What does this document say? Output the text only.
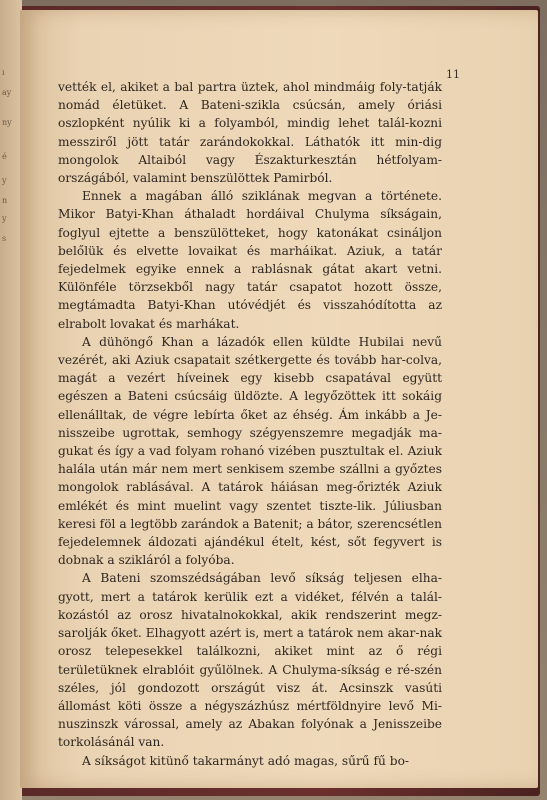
ı
ay
ny
é
y
n
y
s
11

vették el, akiket a bal partra üztek, ahol mindmáig foly-tatják nomád életüket. A Bateni-szikla csúcsán, amely óriási oszlopként nyúlik ki a folyamból, mindig lehet talál-kozni messziről jött tatár zarándokokkal. Láthatók itt min-dig mongolok Altaiból vagy Északturkesztán hétfolyam-országából, valamint benszülöttek Pamirból.

Ennek a magában álló sziklának megvan a története. Mikor Batyi-Khan áthaladt hordáival Chulyma síkságain, foglyul ejtette a benszülötteket, hogy katonákat csináljon belőlük és elvette lovaikat és marháikat. Aziuk, a tatár fejedelmek egyike ennek a rablásnak gátat akart vetni. Különféle törzsekből nagy tatár csapatot hozott össze, megtámadta Batyi-Khan utóvédjét és visszahódította az elrabolt lovakat és marhákat.

A dühöngő Khan a lázadók ellen küldte Hubilai nevű vezérét, aki Aziuk csapatait szétkergette és tovább har-colva, magát a vezért híveinek egy kisebb csapatával együtt egészen a Bateni csúcsáig üldözte. A legyőzöttek itt sokáig ellenálltak, de végre lebírta őket az éhség. Ám inkább a Je-nisszeibe ugrottak, semhogy szégyenszemre megadják ma-gukat és így a vad folyam rohanó vizében pusztultak el. Aziuk halála után már nem mert senkisem szembe szállni a győztes mongolok rablásával. A tatárok háiásan meg-őrizték Aziuk emlékét és mint muelint vagy szentet tiszte-lik. Júliusban keresi föl a legtöbb zarándok a Batenit; a bátor, szerencsétlen fejedelemnek áldozati ajándékul ételt, kést, sőt fegyvert is dobnak a szikláról a folyóba.

A Bateni szomszédságában levő síkság teljesen elha-gyott, mert a tatárok kerülik ezt a vidéket, félvén a talál-kozástól az orosz hivatalnokokkal, akik rendszerint megz-sarolják őket. Elhagyott azért is, mert a tatárok nem akar-nak orosz telepesekkel találkozni, akiket mint az ő régi területüknek elrablóit gyűlölnek. A Chulyma-síkság e ré-szén széles, jól gondozott országút visz át. Acsinszk vasúti állomást köti össze a négyszázhúsz mértföldnyire levő Mi-nuszinszk várossal, amely az Abakan folyónak a Jenisszeibe torkolásánál van.

A síkságot kitünő takarmányt adó magas, sűrű fű bo-
